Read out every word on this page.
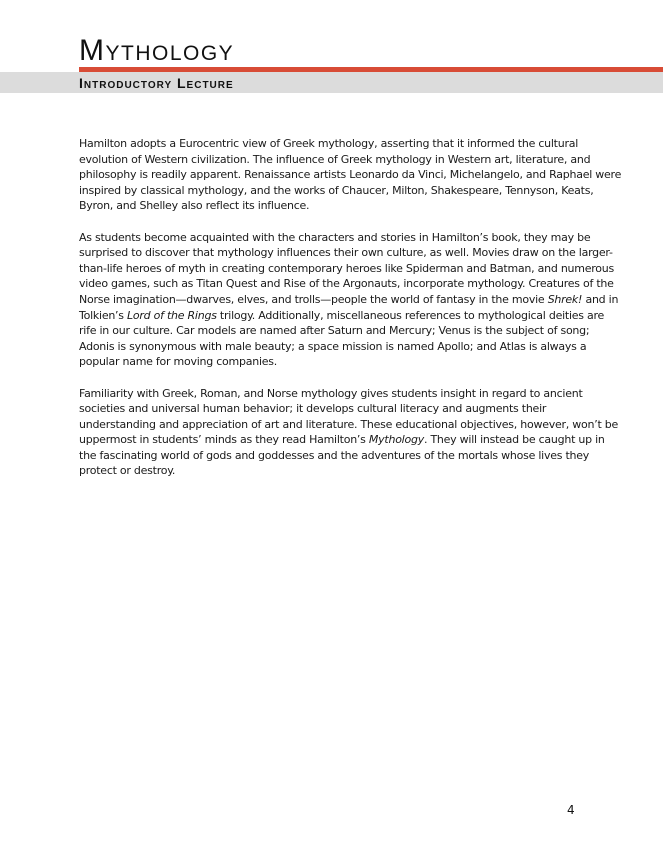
Mythology
Introductory Lecture

Hamilton adopts a Eurocentric view of Greek mythology, asserting that it informed the cultural evolution of Western civilization. The influence of Greek mythology in Western art, literature, and philosophy is readily apparent. Renaissance artists Leonardo da Vinci, Michelangelo, and Raphael were inspired by classical mythology, and the works of Chaucer, Milton, Shakespeare, Tennyson, Keats, Byron, and Shelley also reflect its influence.

As students become acquainted with the characters and stories in Hamilton’s book, they may be surprised to discover that mythology influences their own culture, as well. Movies draw on the larger-than-life heroes of myth in creating contemporary heroes like Spiderman and Batman, and numerous video games, such as Titan Quest and Rise of the Argonauts, incorporate mythology. Creatures of the Norse imagination—dwarves, elves, and trolls—people the world of fantasy in the movie Shrek! and in Tolkien’s Lord of the Rings trilogy. Additionally, miscellaneous references to mythological deities are rife in our culture. Car models are named after Saturn and Mercury; Venus is the subject of song; Adonis is synonymous with male beauty; a space mission is named Apollo; and Atlas is always a popular name for moving companies.

Familiarity with Greek, Roman, and Norse mythology gives students insight in regard to ancient societies and universal human behavior; it develops cultural literacy and augments their understanding and appreciation of art and literature. These educational objectives, however, won’t be uppermost in students’ minds as they read Hamilton’s Mythology. They will instead be caught up in the fascinating world of gods and goddesses and the adventures of the mortals whose lives they protect or destroy.

4
